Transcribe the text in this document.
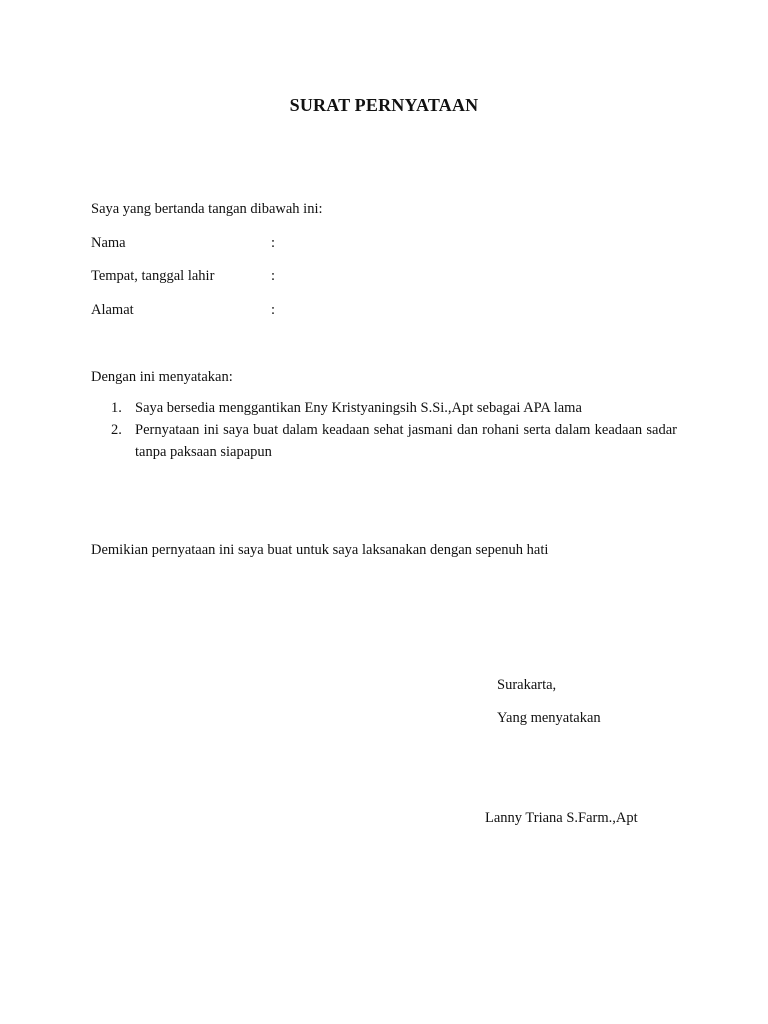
SURAT PERNYATAAN
Saya yang bertanda tangan dibawah ini:
Nama	:
Tempat, tanggal lahir	:
Alamat	:
Dengan ini menyatakan:
1. Saya bersedia menggantikan Eny Kristyaningsih S.Si.,Apt sebagai APA lama
2. Pernyataan ini saya buat dalam keadaan sehat jasmani dan rohani serta dalam keadaan sadar tanpa paksaan siapapun
Demikian pernyataan ini saya buat untuk saya laksanakan dengan sepenuh hati
Surakarta,
Yang menyatakan
Lanny Triana S.Farm.,Apt
